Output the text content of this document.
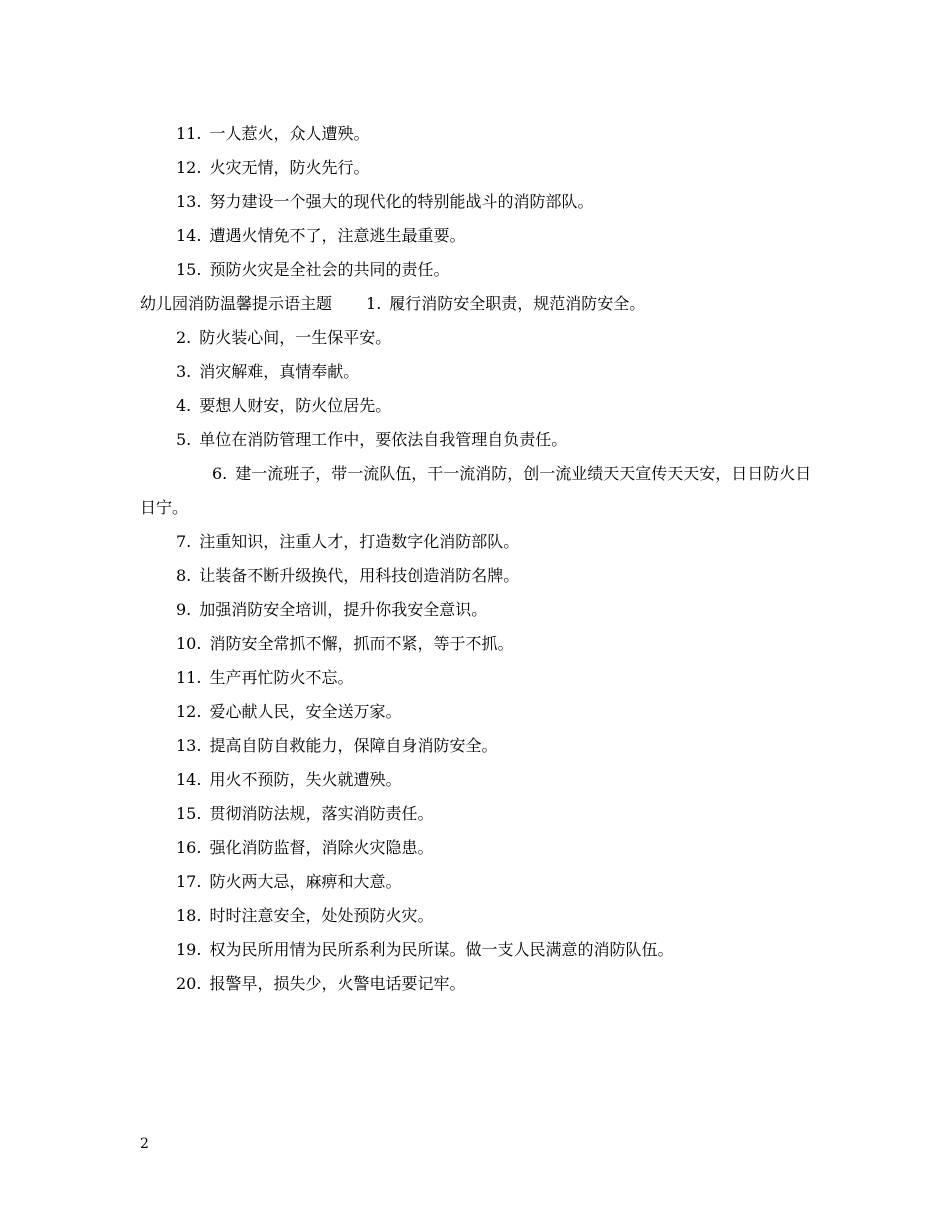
11. 一人惹火，众人遭殃。
12. 火灾无情，防火先行。
13. 努力建设一个强大的现代化的特别能战斗的消防部队。
14. 遭遇火情免不了，注意逃生最重要。
15. 预防火灾是全社会的共同的责任。
幼儿园消防温馨提示语主题 1. 履行消防安全职责，规范消防安全。
2. 防火装心间，一生保平安。
3. 消灾解难，真情奉献。
4. 要想人财安，防火位居先。
5. 单位在消防管理工作中，要依法自我管理自负责任。
6. 建一流班子，带一流队伍，干一流消防，创一流业绩天天宣传天天安，日日防火日日宁。
7. 注重知识，注重人才，打造数字化消防部队。
8. 让装备不断升级换代，用科技创造消防名牌。
9. 加强消防安全培训，提升你我安全意识。
10. 消防安全常抓不懈，抓而不紧，等于不抓。
11. 生产再忙防火不忘。
12. 爱心献人民，安全送万家。
13. 提高自防自救能力，保障自身消防安全。
14. 用火不预防，失火就遭殃。
15. 贯彻消防法规，落实消防责任。
16. 强化消防监督，消除火灾隐患。
17. 防火两大忌，麻痹和大意。
18. 时时注意安全，处处预防火灾。
19. 权为民所用情为民所系利为民所谋。做一支人民满意的消防队伍。
20. 报警早，损失少，火警电话要记牢。
2
